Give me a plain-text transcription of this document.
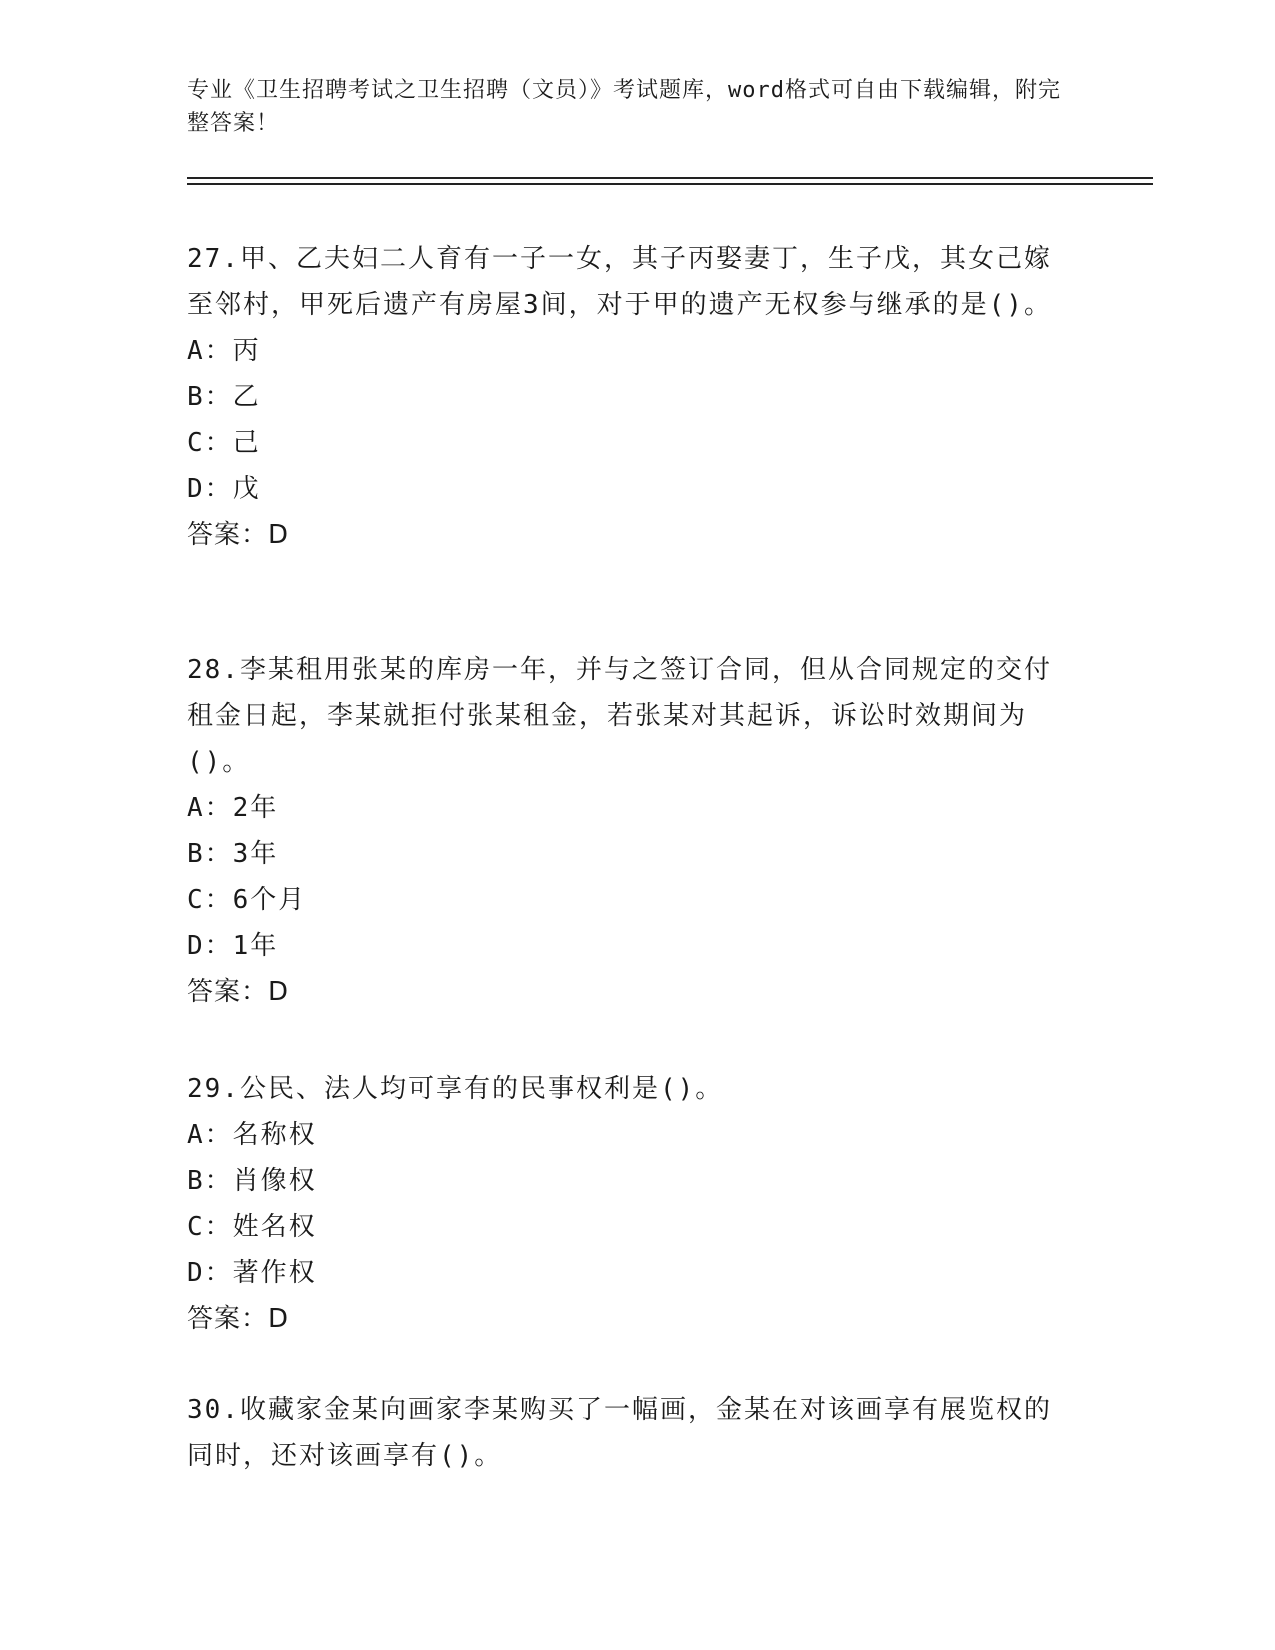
专业《卫生招聘考试之卫生招聘（文员）》考试题库，word格式可自由下载编辑，附完整答案！
27.甲、乙夫妇二人育有一子一女，其子丙娶妻丁，生子戊，其女己嫁至邻村，甲死后遗产有房屋3间，对于甲的遗产无权参与继承的是()。
A：丙
B：乙
C：己
D：戊
答案：D
28.李某租用张某的库房一年，并与之签订合同，但从合同规定的交付租金日起，李某就拒付张某租金，若张某对其起诉，诉讼时效期间为()。
A：2年
B：3年
C：6个月
D：1年
答案：D
29.公民、法人均可享有的民事权利是()。
A：名称权
B：肖像权
C：姓名权
D：著作权
答案：D
30.收藏家金某向画家李某购买了一幅画，金某在对该画享有展览权的同时，还对该画享有()。
